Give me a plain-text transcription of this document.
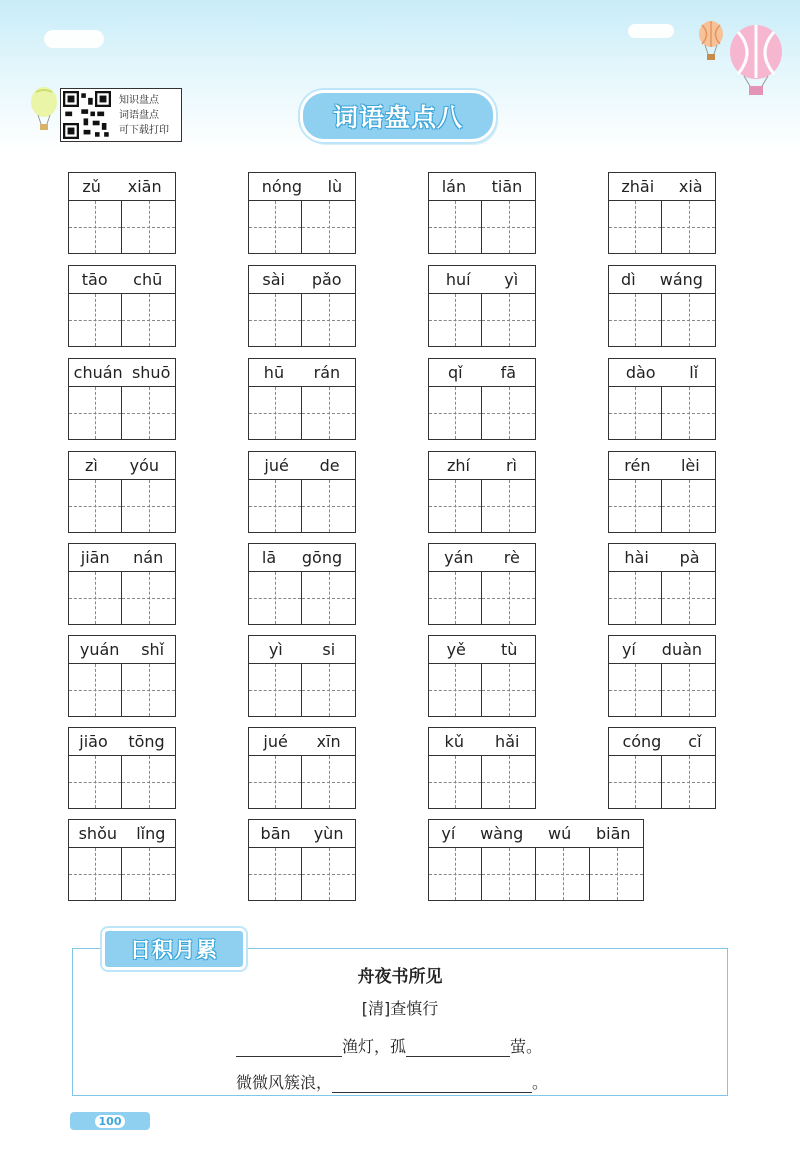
知识盘点
词语盘点
可下载打印	词语盘点八
zǔ xiān	nóng lù	lán tiān	zhāi xià
tāo chū	sài pǎo	huí yì	dì wáng
chuán shuō	hū rán	qǐ fā	dào lǐ
zì yóu	jué de	zhí rì	rén lèi
jiān nán	lā gōng	yán rè	hài pà
yuán shǐ	yì si	yě tù	yí duàn
jiāo tōng	jué xīn	kǔ hǎi	cóng cǐ
shǒu lǐng	bān yùn	yí wàng wú biān
日积月累
舟夜书所见
[清]查慎行
渔灯，孤	萤。
微微风簇浪，	。
100
